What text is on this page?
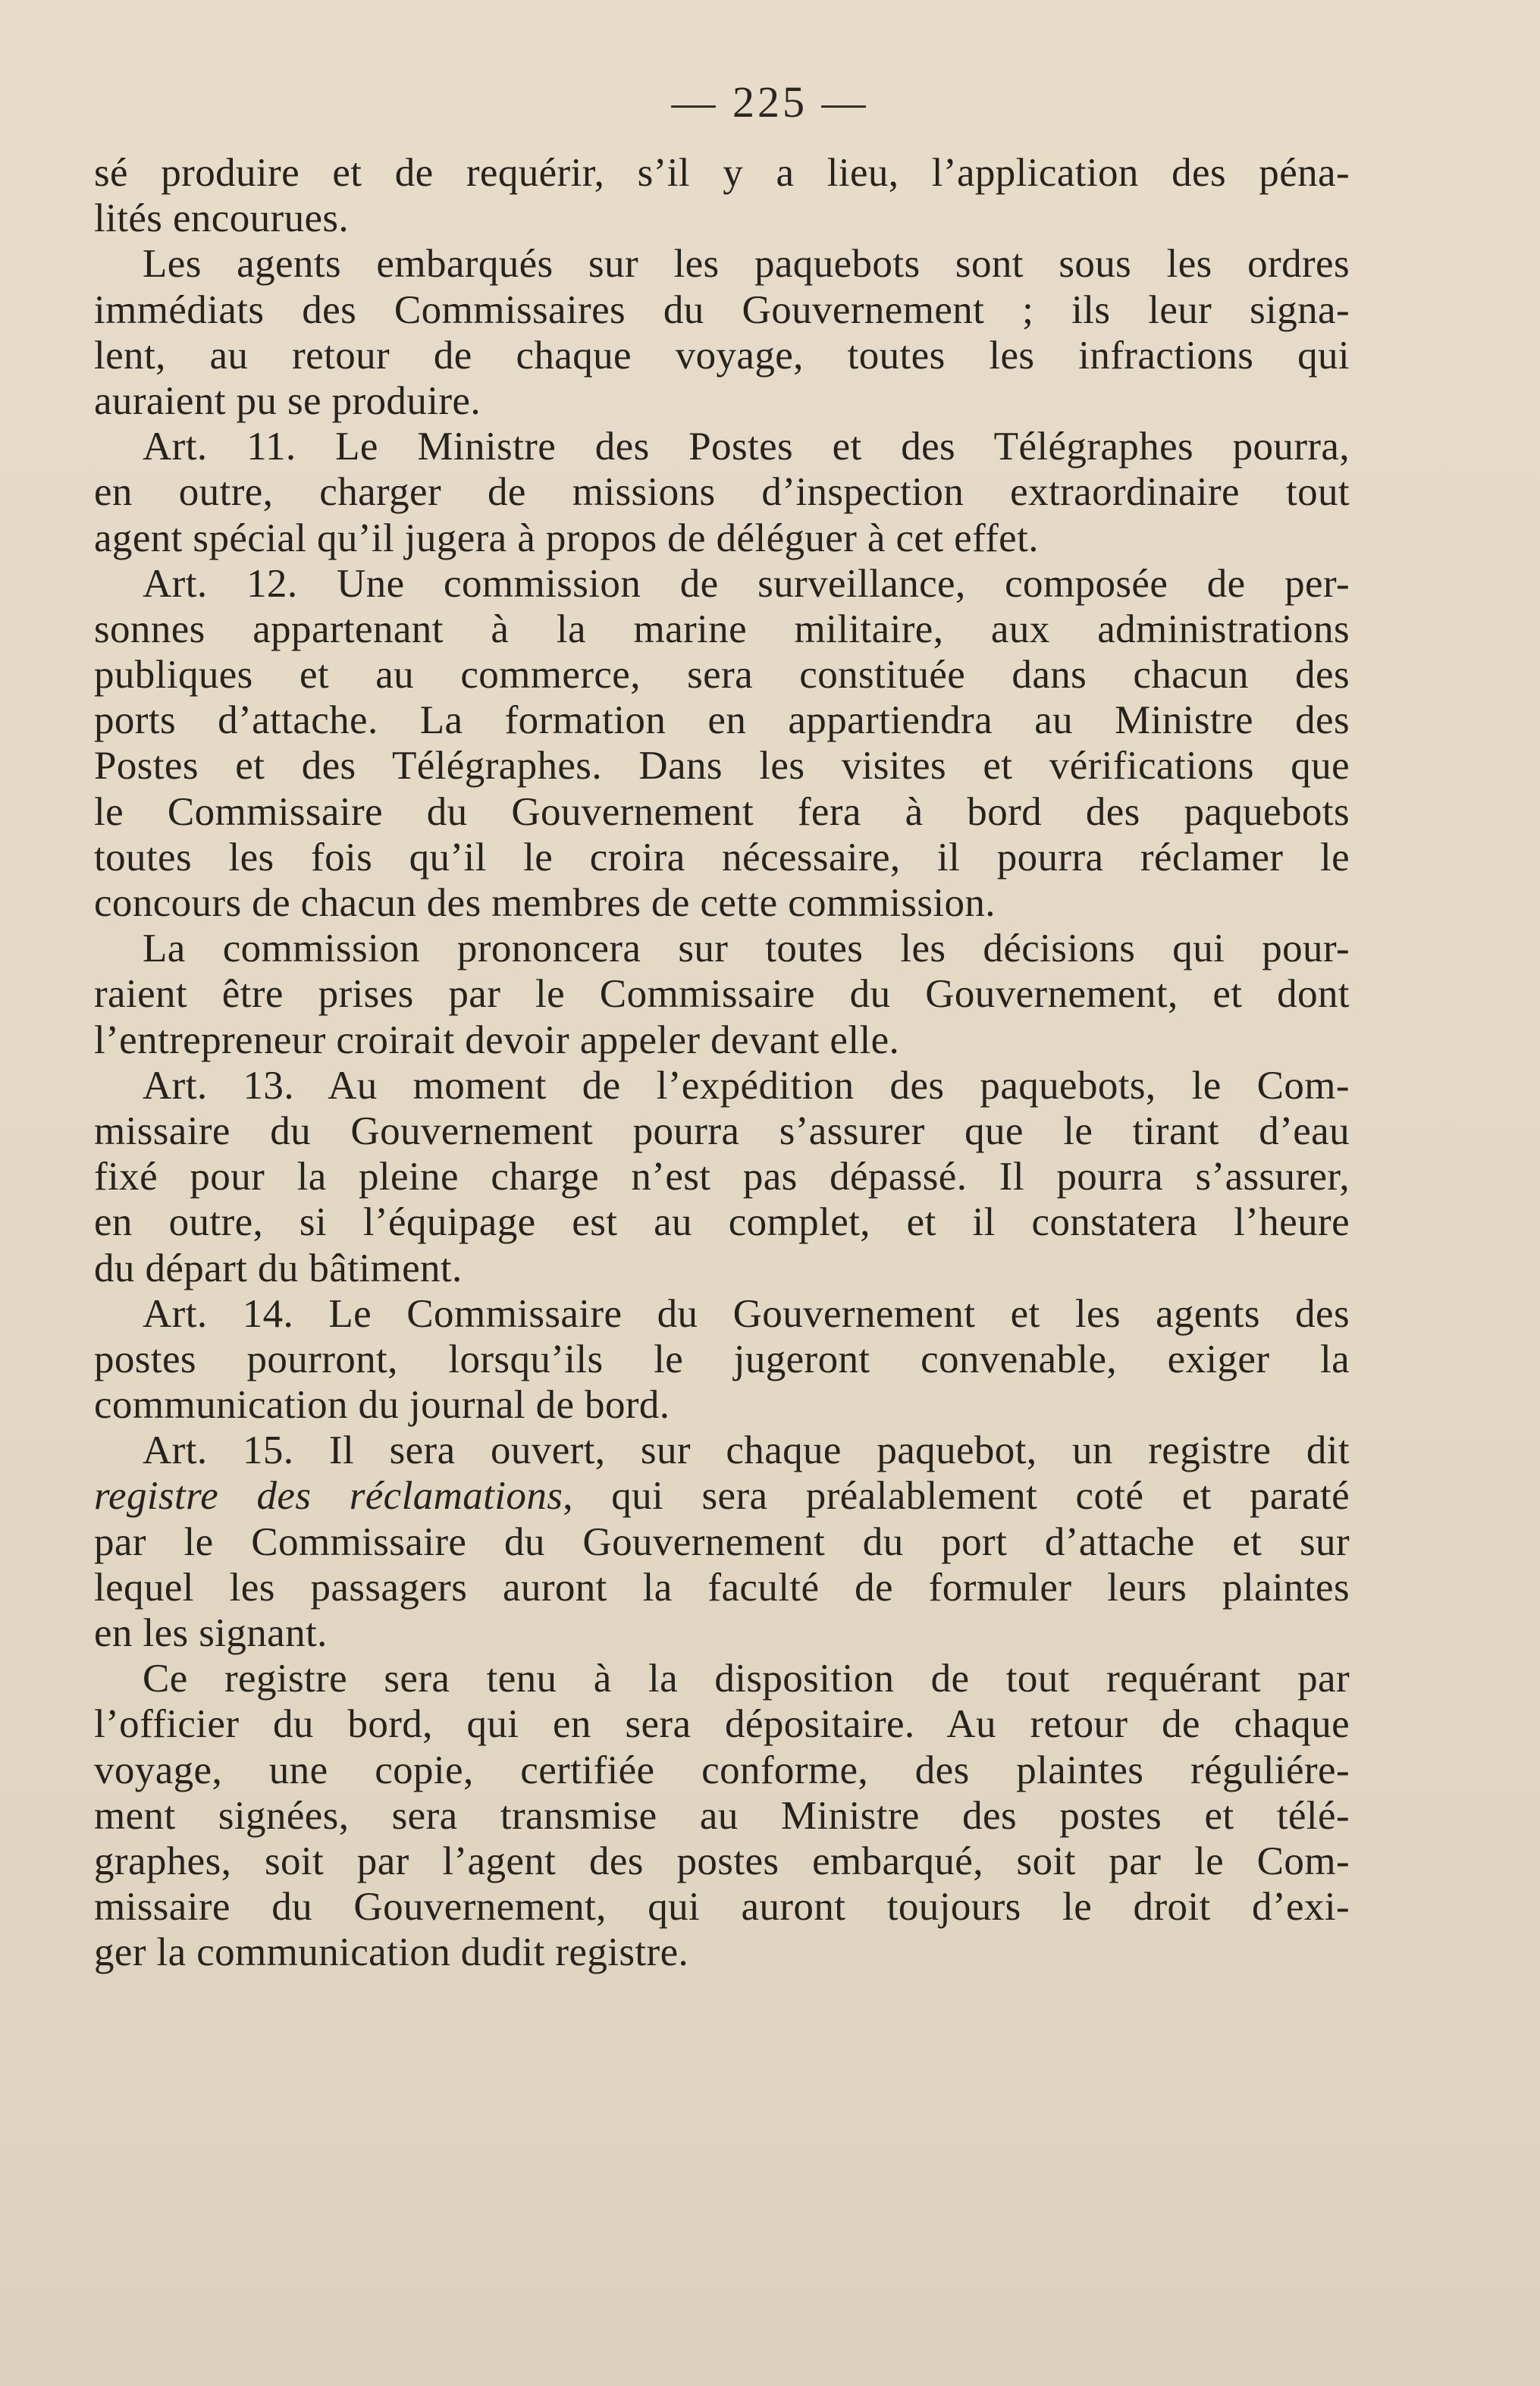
— 225 —
sé produire et de requérir, s’il y a lieu, l’application des péna-
lités encourues.
Les agents embarqués sur les paquebots sont sous les ordres
immédiats des Commissaires du Gouvernement ; ils leur signa-
lent, au retour de chaque voyage, toutes les infractions qui
auraient pu se produire.
Art. 11. Le Ministre des Postes et des Télégraphes pourra,
en outre, charger de missions d’inspection extraordinaire tout
agent spécial qu’il jugera à propos de déléguer à cet effet.
Art. 12. Une commission de surveillance, composée de per-
sonnes appartenant à la marine militaire, aux administrations
publiques et au commerce, sera constituée dans chacun des
ports d’attache. La formation en appartiendra au Ministre des
Postes et des Télégraphes. Dans les visites et vérifications que
le Commissaire du Gouvernement fera à bord des paquebots
toutes les fois qu’il le croira nécessaire, il pourra réclamer le
concours de chacun des membres de cette commission.
La commission prononcera sur toutes les décisions qui pour-
raient être prises par le Commissaire du Gouvernement, et dont
l’entrepreneur croirait devoir appeler devant elle.
Art. 13. Au moment de l’expédition des paquebots, le Com-
missaire du Gouvernement pourra s’assurer que le tirant d’eau
fixé pour la pleine charge n’est pas dépassé. Il pourra s’assurer,
en outre, si l’équipage est au complet, et il constatera l’heure
du départ du bâtiment.
Art. 14. Le Commissaire du Gouvernement et les agents des
postes pourront, lorsqu’ils le jugeront convenable, exiger la
communication du journal de bord.
Art. 15. Il sera ouvert, sur chaque paquebot, un registre dit
registre des réclamations, qui sera préalablement coté et paraté
par le Commissaire du Gouvernement du port d’attache et sur
lequel les passagers auront la faculté de formuler leurs plaintes
en les signant.
Ce registre sera tenu à la disposition de tout requérant par
l’officier du bord, qui en sera dépositaire. Au retour de chaque
voyage, une copie, certifiée conforme, des plaintes réguliére-
ment signées, sera transmise au Ministre des postes et télé-
graphes, soit par l’agent des postes embarqué, soit par le Com-
missaire du Gouvernement, qui auront toujours le droit d’exi-
ger la communication dudit registre.
